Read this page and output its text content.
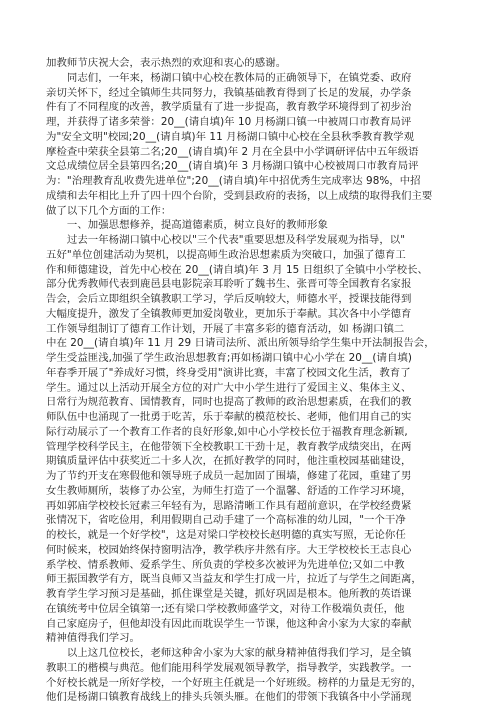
加教师节庆祝大会，表示热烈的欢迎和衷心的感谢。
　　同志们，一年来，杨湖口镇中心校在教体局的正确领导下，在镇党委、政府
亲切关怀下，经过全镇师生共同努力，我镇基础教育得到了长足的发展，办学条
件有了不同程度的改善，教学质量有了进一步提高，教育教学环境得到了初步治
理，并获得了诸多荣誉：20__(请自填)年 10 月杨湖口镇一中被周口市教育局评
为"安全文明"校园;20__(请自填)年 11 月杨湖口镇中心校在全县秋季教育教学观
摩检查中荣获全县第二名;20__(请自填)年 2 月在全县中小学调研评估中五年级语
文总成绩位居全县第四名;20__(请自填)年 3 月杨湖口镇中心校被周口市教育局评
为："治理教育乱收费先进单位";20__(请自填)年中招优秀生完成率达 98%，中招
成绩和去年相比上升了四十四个台阶，受到县政府的表扬，以上成绩的取得我们主要
做了以下几个方面的工作：
　　一、加强思想修养，提高道德素质，树立良好的教师形象
　　过去一年杨湖口镇中心校以"三个代表"重要思想及科学发展观为指导，以"
五好"单位创建活动为契机，以提高师生政治思想素质为突破口，加强了德育工
作和师德建设，首先中心校在 20__(请自填)年 3 月 15 日组织了全镇中小学校长、
部分优秀教师代表到鹿邑县电影院亲耳聆听了魏书生、张晋可等全国教育名家报
告会，会后立即组织全镇教职工学习，学后反响较大，师德水平，授课技能得到
大幅度提升，激发了全镇教师更加爱岗敬业，更加乐于奉献。其次各中小学德育
工作领导组制订了德育工作计划，开展了丰富多彩的德育活动，如 杨湖口镇二
中在 20__(请自填)年 11 月 29 日请司法所、派出所领导给学生集中开法制报告会，
学生受益匪浅,加强了学生政治思想教育;再如杨湖口镇中心小学在 20__(请自填)
年春季开展了"养成好习惯，终身受用"演讲比赛，丰富了校园文化生活，教育了
学生。通过以上活动开展全方位的对广大中小学生进行了爱国主义、集体主义、
日常行为规范教育、国情教育，同时也提高了教师的政治思想素质，在我们的教
师队伍中也涌现了一批勇于吃苦，乐于奉献的模范校长、老师，他们用自己的实
际行动展示了一个教育工作者的良好形象,如中心小学校长位于福教育理念新颖,
管理学校科学民主，在他带领下全校教职工干劲十足，教育教学成绩突出，在两
期镇质量评估中获奖近二十多人次，在抓好教学的同时，他注重校园基础建设，
为了节约开支在寒假他和领导班子成员一起加固了围墙，修建了花园，重建了男
女生教师厕所，装修了办公室，为师生打造了一个温馨、舒适的工作学习环境，
再如郭庙学校校长冠素三年轻有为，思路清晰工作具有超前意识，在学校经费紧
张情况下，省吃俭用，利用假期自己动手建了一个高标准的幼儿园，"一个干净
的校长，就是一个好学校"，这是对梁口学校校长赵明德的真实写照，无论你任
何时候来，校园始终保持窗明洁净，教学秩序井然有序。大王学校校长王志良心
系学校、情系教师、爱系学生、所负责的学校多次被评为先进单位;又如二中教
师王振国教学有方，既当良师又当益友和学生打成一片，拉近了与学生之间距离，
教育学生学习预习是基础，抓住课堂是关键，抓好巩固是根本。他所教的英语课
在镇统考中位居全镇第一;还有梁口学校教师盛学文，对待工作极端负责任，他
自己家庭房子，但他却没有因此而耽误学生一节课，他这种舍小家为大家的奉献
精神值得我们学习。
　　以上这几位校长，老师这种舍小家为大家的献身精神值得我们学习，是全镇
教职工的楷模与典范。他们能用科学发展观领导教学，指导教学，实践教学。一
个好校长就是一所好学校，一个好班主任就是一个好班级。榜样的力量是无穷的，
他们是杨湖口镇教育战线上的排头兵领头雁。在他们的带领下我镇各中小学涌现
